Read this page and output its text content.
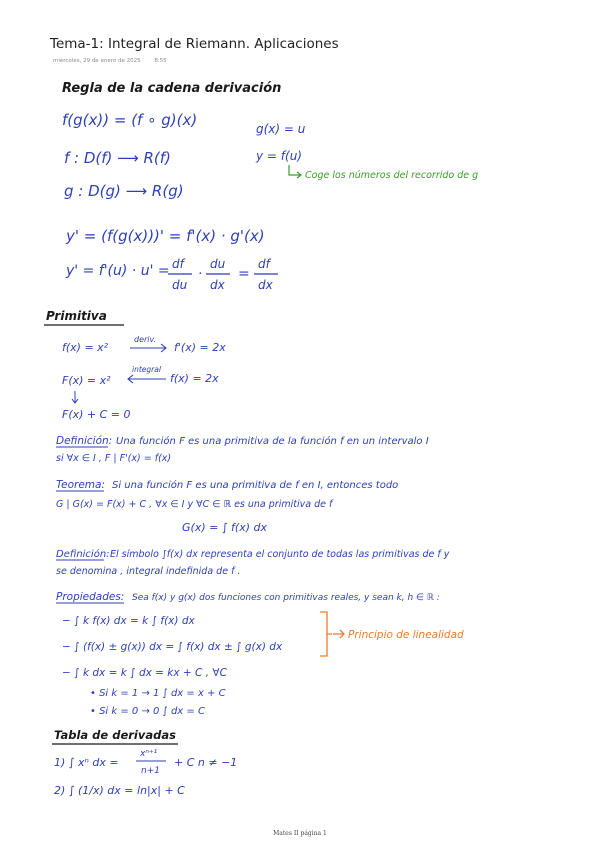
Tema-1: Integral de Riemann. Aplicaciones
miércoles, 29 de enero de 2025	8:55
Regla de la cadena derivación
f(g(x)) = (f ∘ g)(x)
f : D(f) ⟶ R(f)
g : D(g) ⟶ R(g)
y' = (f(g(x)))' = f'(x) · g'(x)
y' = f'(u) · u' = df
du
·
du
dx
=
df
dx
g(x) = u
y = f(u)
Coge los números del recorrido de g
Primitiva
f(x) = x²
deriv.
f'(x) = 2x
F(x) = x²
integral
f(x) = 2x
F(x) + C = 0
Definición: Una función F es una primitiva de la función f en un intervalo I
si ∀x ∈ I , F | F'(x) = f(x)
Teorema: Si una función F es una primitiva de f en I, entonces todo
G | G(x) = F(x) + C , ∀x ∈ I y ∀C ∈ ℝ es una primitiva de f
G(x) = ∫ f(x) dx
Definición: El símbolo ∫f(x) dx representa el conjunto de todas las primitivas de f y
se denomina , integral indefinida de f .
Propiedades: Sea f(x) y g(x) dos funciones con primitivas reales, y sean k, h ∈ ℝ :
− ∫ k f(x) dx = k ∫ f(x) dx
− ∫ (f(x) ± g(x)) dx = ∫ f(x) dx ± ∫ g(x) dx
− ∫ k dx = k ∫ dx = kx + C , ∀C
• Si k = 1 → 1 ∫ dx = x + C
• Si k = 0 → 0 ∫ dx = C
Principio de linealidad
Tabla de derivadas
1) ∫ xⁿ dx =
xⁿ⁺¹
n+1
+ C n ≠ −1
2) ∫ (1/x) dx = ln|x| + C
Mates II página 1
